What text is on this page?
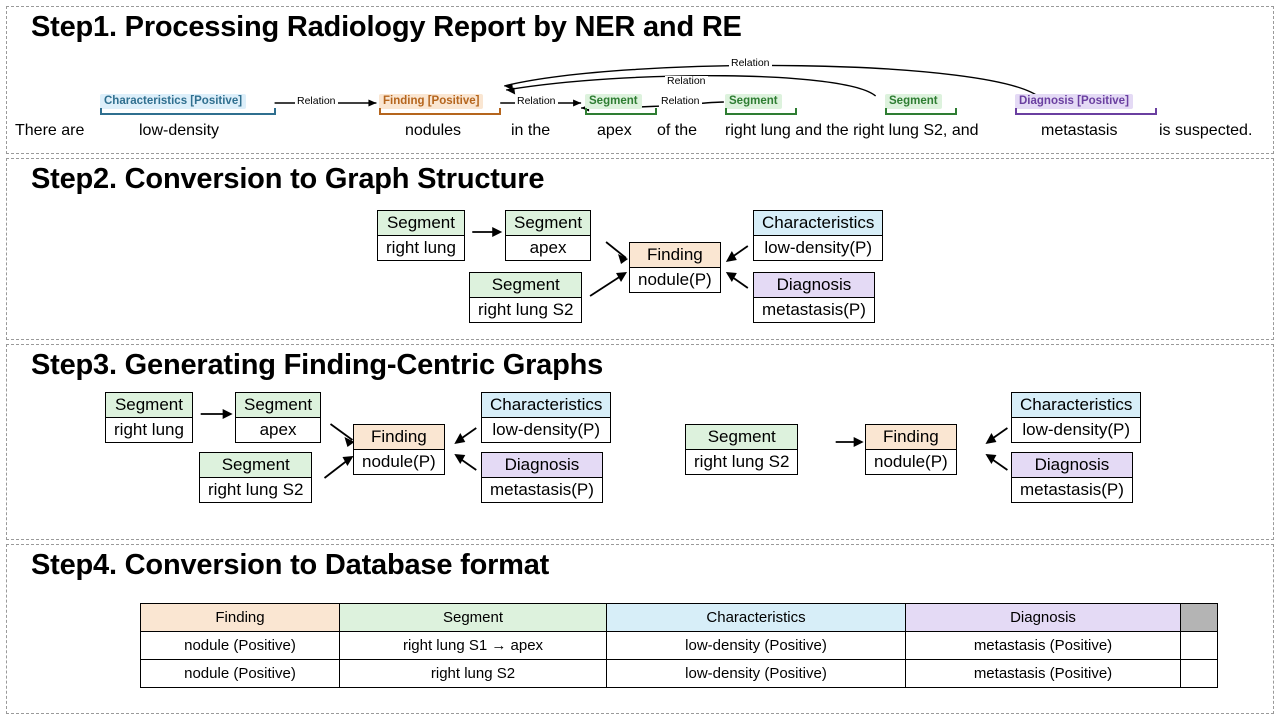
Step1. Processing Radiology Report by NER and RE
Characteristics [Positive]	Finding [Positive]	Segment	Segment	Segment	Diagnosis [Positive]
Relation	Relation	Relation
Relation
Relation
There are	low-density	nodules	in the	apex of the right lung and the right lung S2, and	metastasis	is suspected.
Step2. Conversion to Graph Structure
Segment
right lung
Segment
apex
Segment
right lung S2
Finding
nodule(P)
Characteristics
low-density(P)
Diagnosis
metastasis(P)
Step3. Generating Finding-Centric Graphs
Segment
right lung
Segment
apex
Segment
right lung S2
Finding
nodule(P)
Characteristics
low-density(P)
Diagnosis
metastasis(P)
Segment
right lung S2
Finding
nodule(P)
Characteristics
low-density(P)
Diagnosis
metastasis(P)
Step4. Conversion to Database format
Finding	Segment	Characteristics	Diagnosis	
nodule (Positive)	right lung S1 → apex	low-density (Positive)	metastasis (Positive)	
nodule (Positive)	right lung S2	low-density (Positive)	metastasis (Positive)	
